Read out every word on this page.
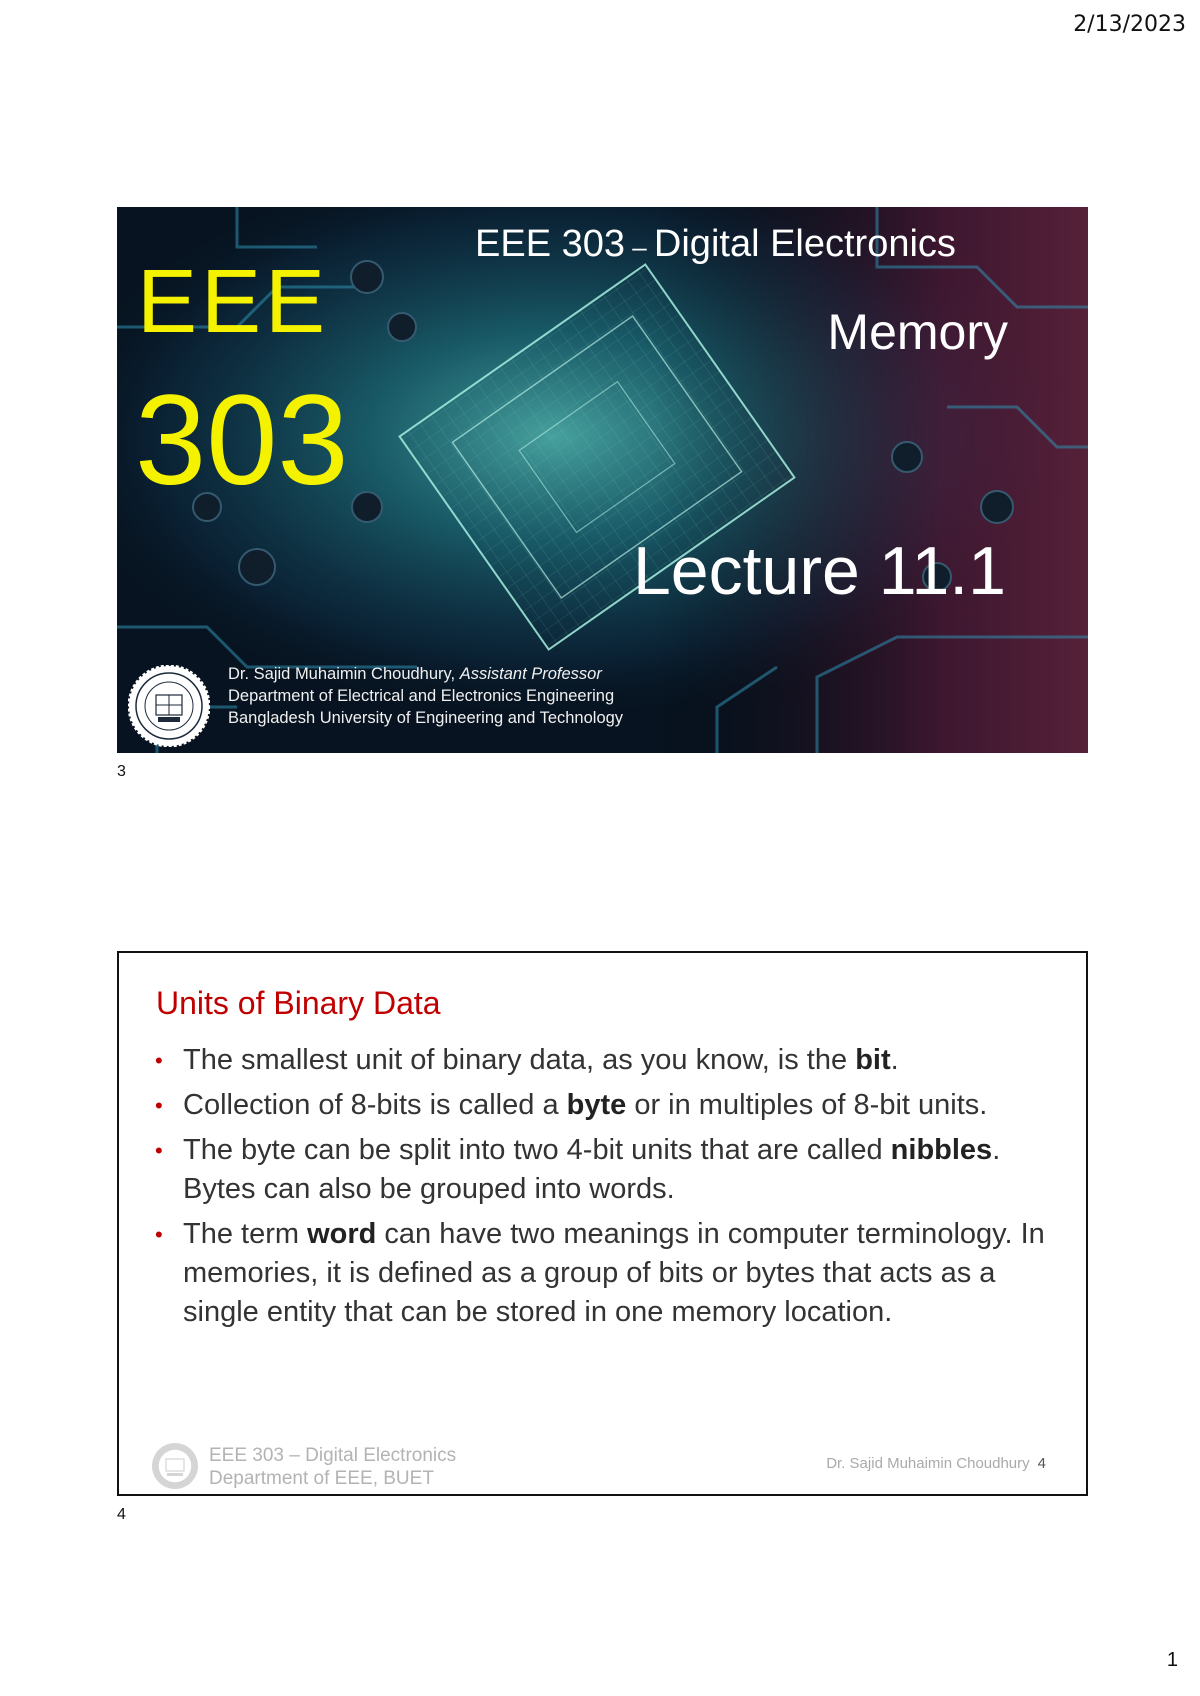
2/13/2023
EEE
303
EEE 303 – Digital Electronics
Memory
Lecture 11.1
Dr. Sajid Muhaimin Choudhury, Assistant Professor
Department of Electrical and Electronics Engineering
Bangladesh University of Engineering and Technology
3
Units of Binary Data
• The smallest unit of binary data, as you know, is the bit.
• Collection of 8-bits is called a byte or in multiples of 8-bit units.
• The byte can be split into two 4-bit units that are called nibbles. Bytes can also be grouped into words.
• The term word can have two meanings in computer terminology. In memories, it is defined as a group of bits or bytes that acts as a single entity that can be stored in one memory location.
EEE 303 – Digital Electronics
Department of EEE, BUET
Dr. Sajid Muhaimin Choudhury 4
4
1
